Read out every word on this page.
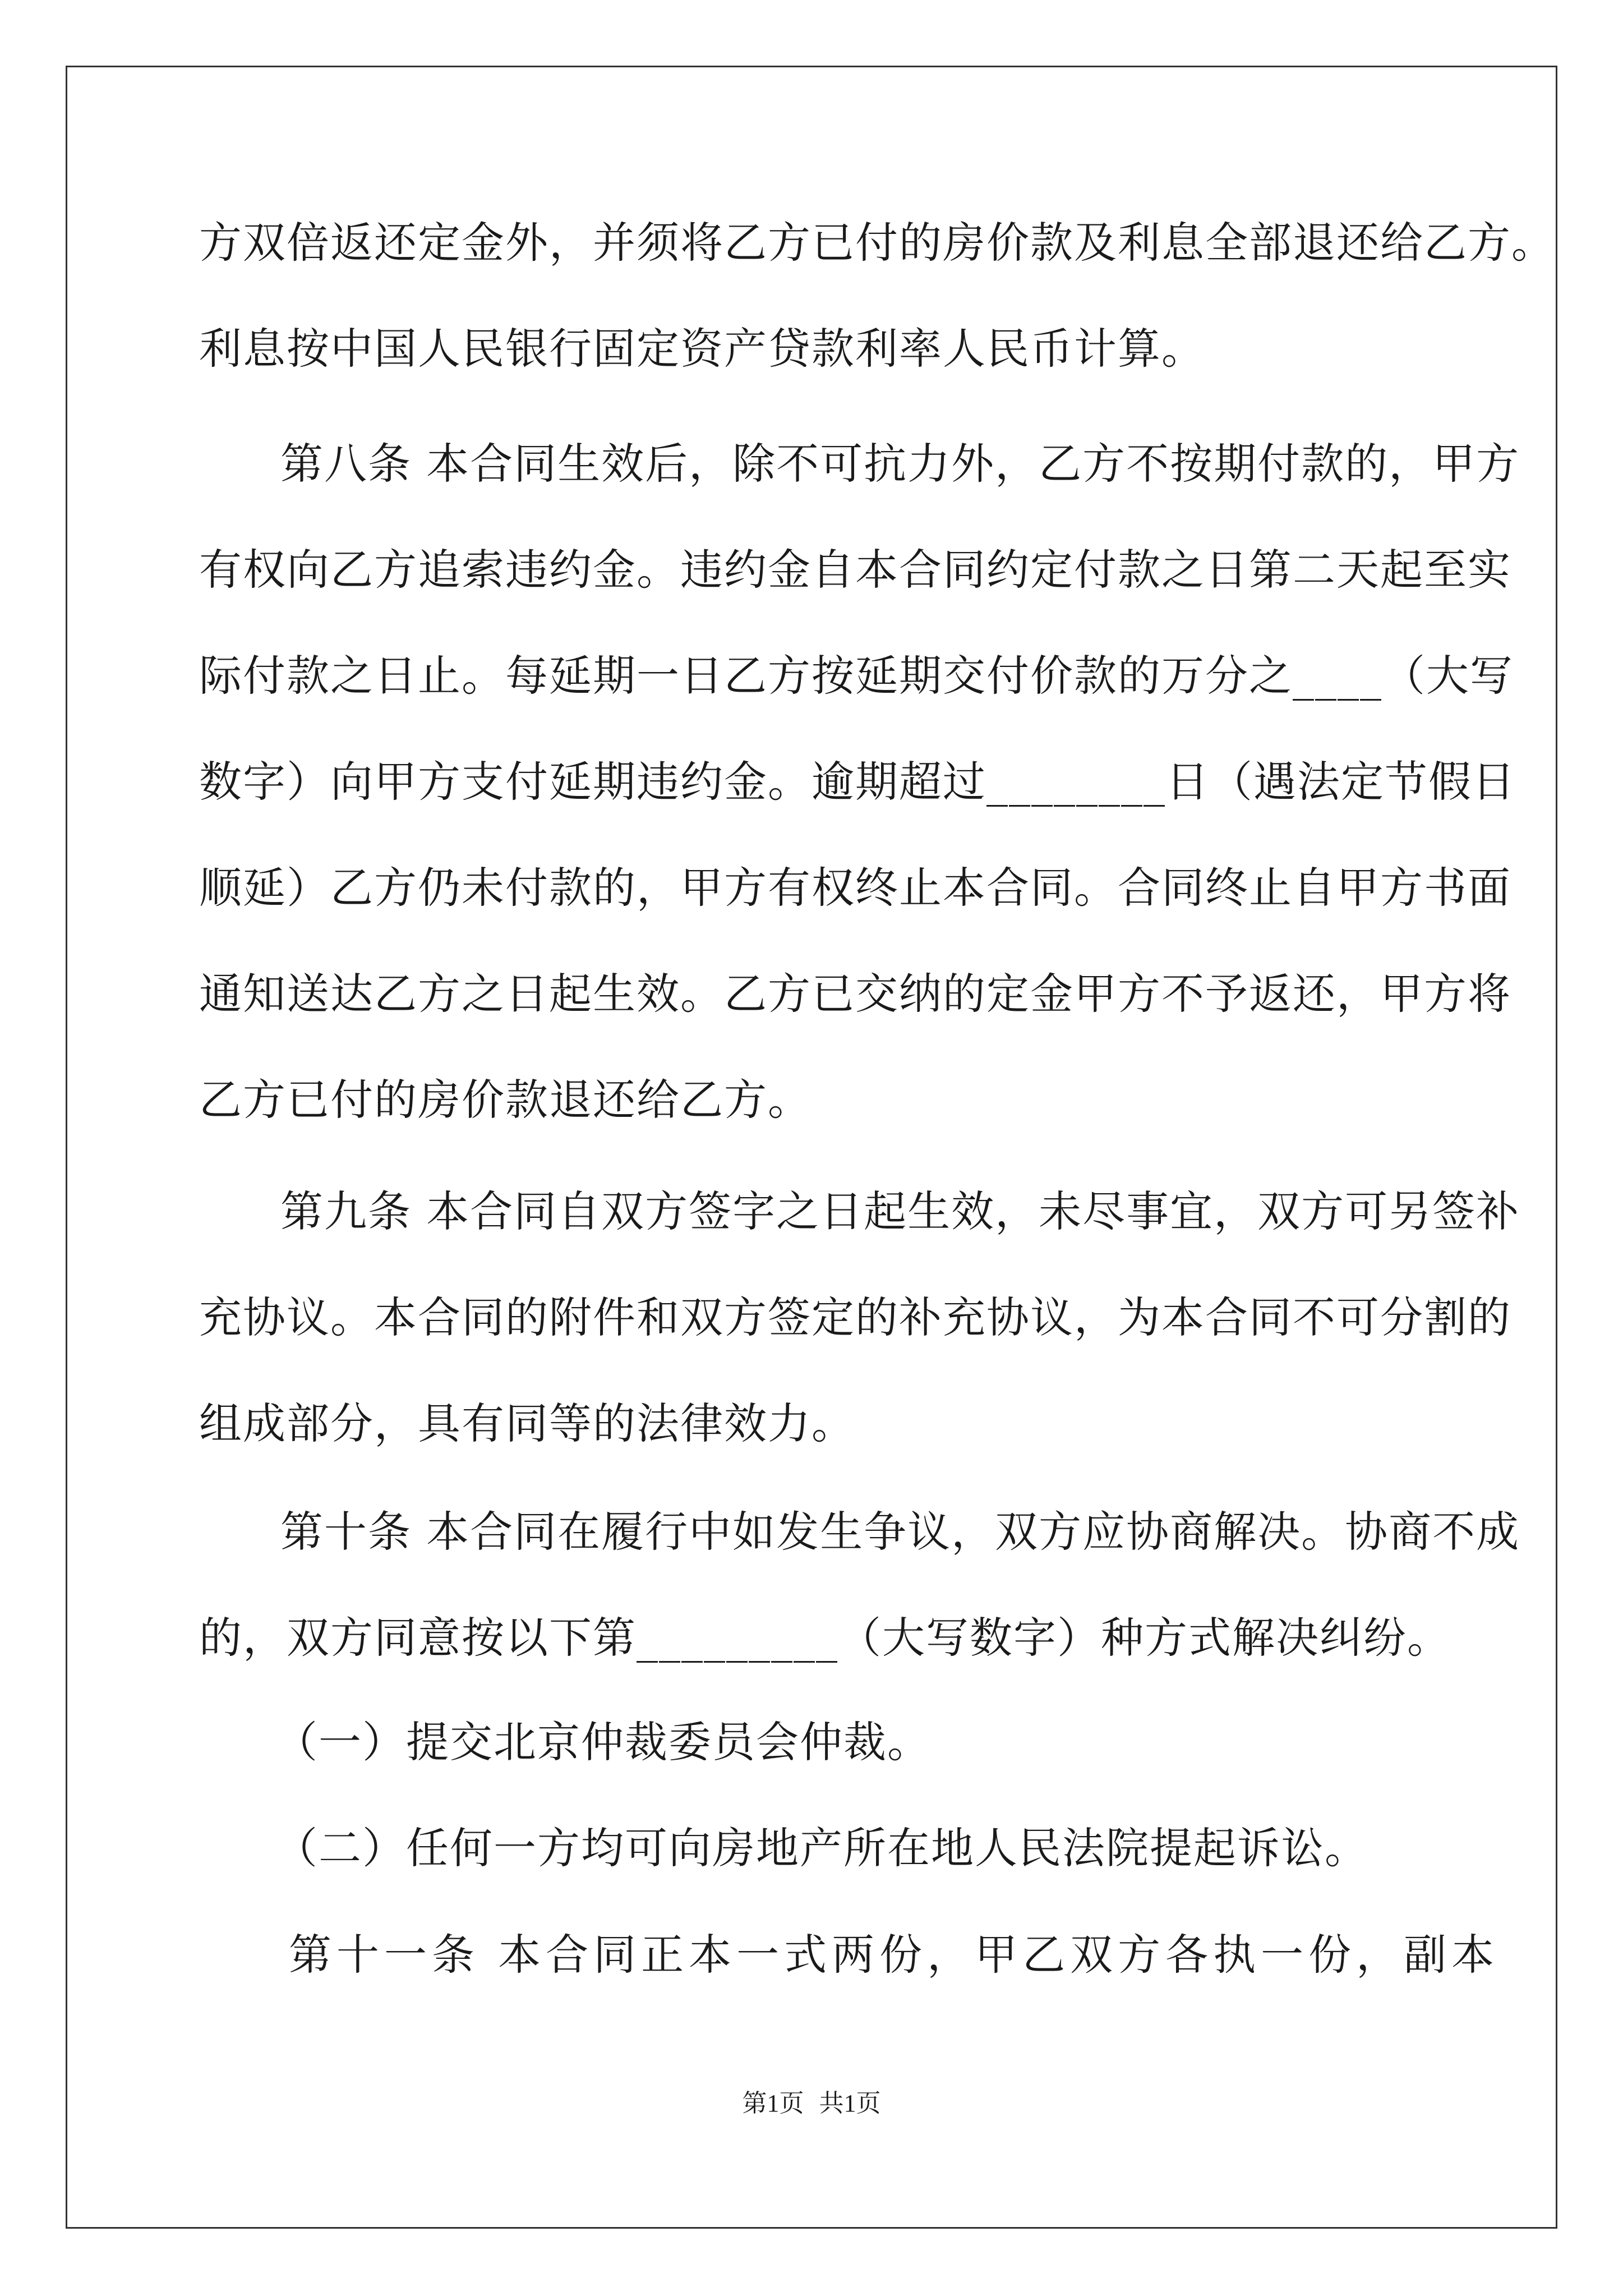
方双倍返还定金外，并须将乙方已付的房价款及利息全部退还给乙方。
利息按中国人民银行固定资产贷款利率人民币计算。
第八条 本合同生效后，除不可抗力外，乙方不按期付款的，甲方
有权向乙方追索违约金。违约金自本合同约定付款之日第二天起至实
际付款之日止。每延期一日乙方按延期交付价款的万分之____（大写
数字）向甲方支付延期违约金。逾期超过________日（遇法定节假日
顺延）乙方仍未付款的，甲方有权终止本合同。合同终止自甲方书面
通知送达乙方之日起生效。乙方已交纳的定金甲方不予返还，甲方将
乙方已付的房价款退还给乙方。
第九条 本合同自双方签字之日起生效，未尽事宜，双方可另签补
充协议。本合同的附件和双方签定的补充协议，为本合同不可分割的
组成部分，具有同等的法律效力。
第十条 本合同在履行中如发生争议，双方应协商解决。协商不成
的，双方同意按以下第_________（大写数字）种方式解决纠纷。
（一）提交北京仲裁委员会仲裁。
（二）任何一方均可向房地产所在地人民法院提起诉讼。
第十一条 本合同正本一式两份，甲乙双方各执一份，副本
第1页 共1页
